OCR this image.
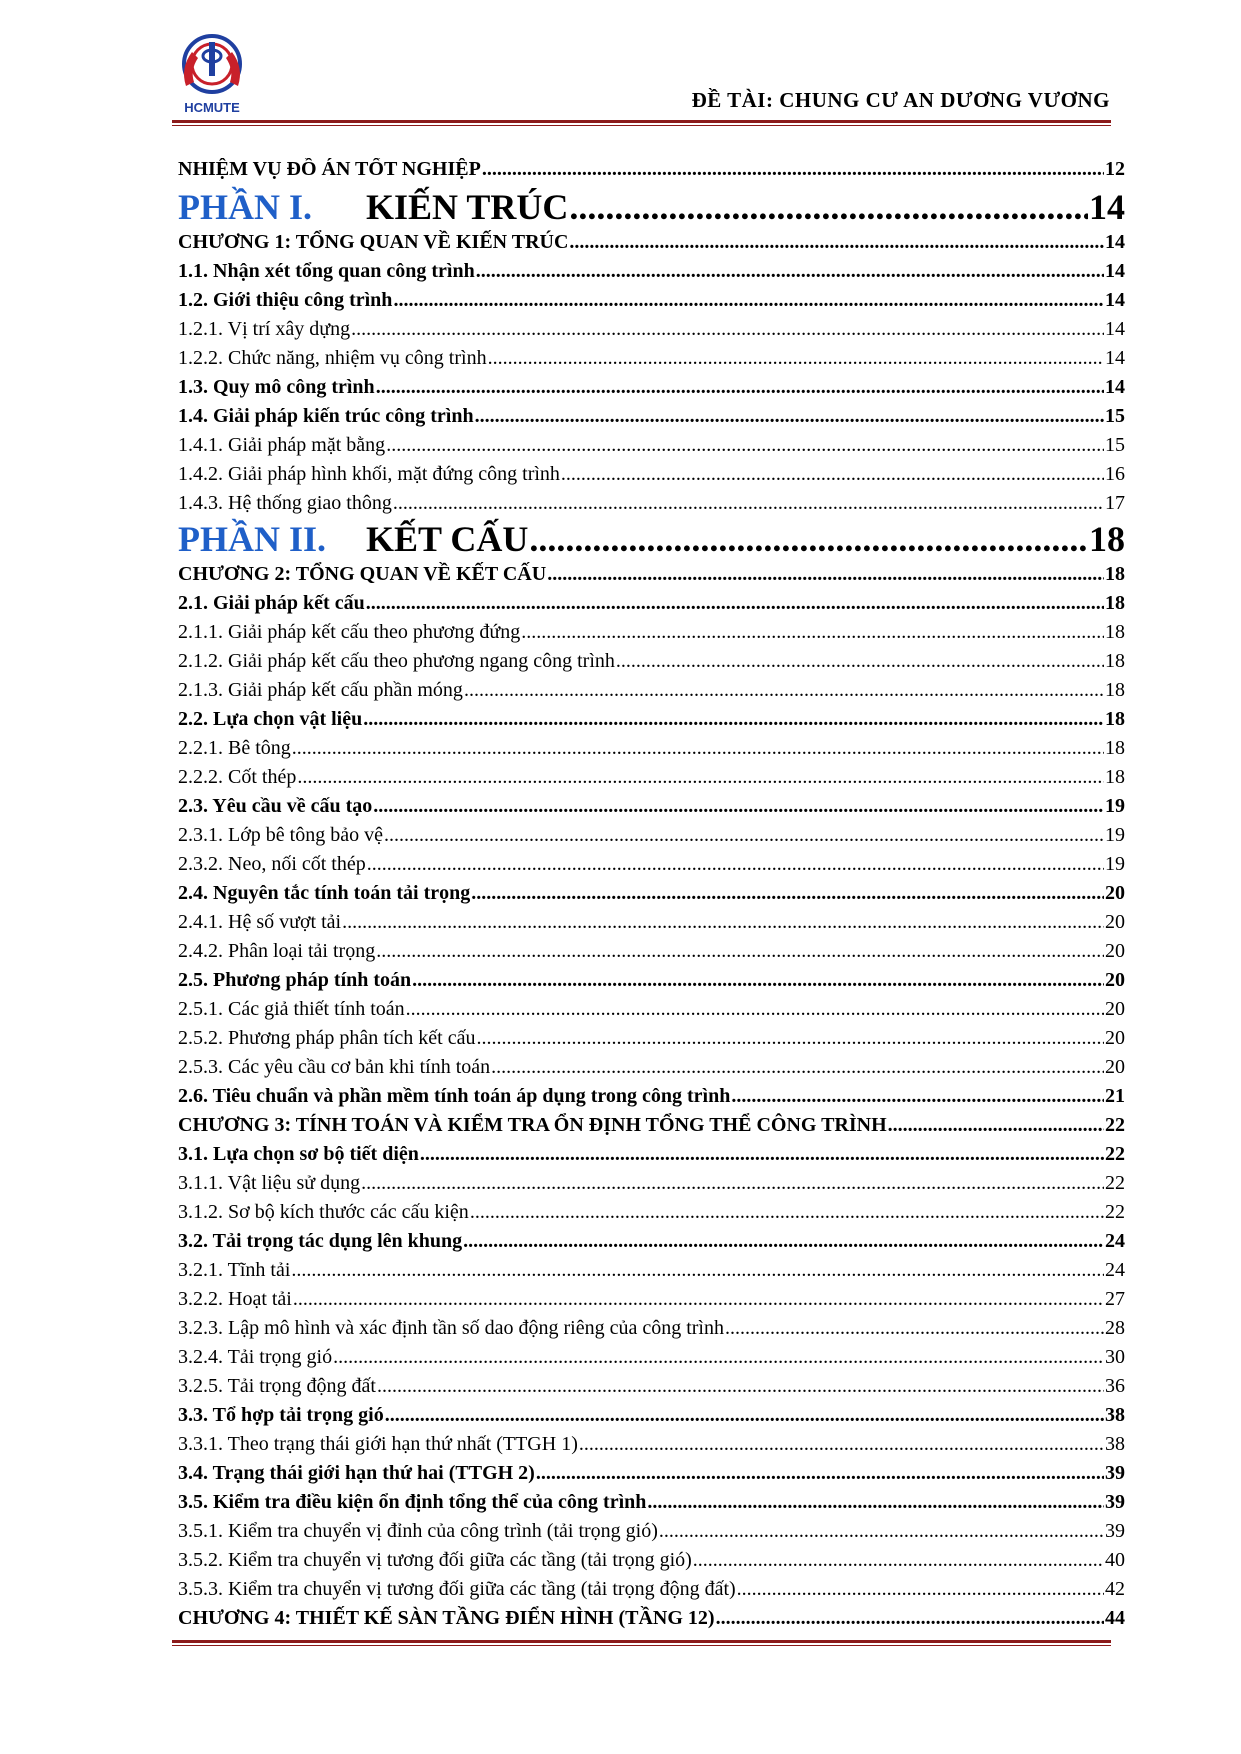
HCMUTE	ĐỀ TÀI: CHUNG CƯ AN DƯƠNG VƯƠNG
NHIỆM VỤ ĐỒ ÁN TỐT NGHIỆP .....	12
PHẦN I. KIẾN TRÚC .....	14
CHƯƠNG 1: TỔNG QUAN VỀ KIẾN TRÚC .....	14
1.1. Nhận xét tổng quan công trình .....	14
1.2. Giới thiệu công trình .....	14
1.2.1. Vị trí xây dựng .....	14
1.2.2. Chức năng, nhiệm vụ công trình .....	14
1.3. Quy mô công trình .....	14
1.4. Giải pháp kiến trúc công trình .....	15
1.4.1. Giải pháp mặt bằng .....	15
1.4.2. Giải pháp hình khối, mặt đứng công trình .....	16
1.4.3. Hệ thống giao thông .....	17
PHẦN II. KẾT CẤU .....	18
CHƯƠNG 2: TỔNG QUAN VỀ KẾT CẤU .....	18
2.1. Giải pháp kết cấu .....	18
2.1.1. Giải pháp kết cấu theo phương đứng .....	18
2.1.2. Giải pháp kết cấu theo phương ngang công trình .....	18
2.1.3. Giải pháp kết cấu phần móng .....	18
2.2. Lựa chọn vật liệu .....	18
2.2.1. Bê tông .....	18
2.2.2. Cốt thép .....	18
2.3. Yêu cầu về cấu tạo .....	19
2.3.1. Lớp bê tông bảo vệ .....	19
2.3.2. Neo, nối cốt thép .....	19
2.4. Nguyên tắc tính toán tải trọng .....	20
2.4.1. Hệ số vượt tải .....	20
2.4.2. Phân loại tải trọng .....	20
2.5. Phương pháp tính toán .....	20
2.5.1. Các giả thiết tính toán .....	20
2.5.2. Phương pháp phân tích kết cấu .....	20
2.5.3. Các yêu cầu cơ bản khi tính toán .....	20
2.6. Tiêu chuẩn và phần mềm tính toán áp dụng trong công trình .....	21
CHƯƠNG 3: TÍNH TOÁN VÀ KIỂM TRA ỔN ĐỊNH TỔNG THỂ CÔNG TRÌNH .....	22
3.1. Lựa chọn sơ bộ tiết diện .....	22
3.1.1. Vật liệu sử dụng .....	22
3.1.2. Sơ bộ kích thước các cấu kiện .....	22
3.2. Tải trọng tác dụng lên khung .....	24
3.2.1. Tĩnh tải .....	24
3.2.2. Hoạt tải .....	27
3.2.3. Lập mô hình và xác định tần số dao động riêng của công trình .....	28
3.2.4. Tải trọng gió .....	30
3.2.5. Tải trọng động đất .....	36
3.3. Tổ hợp tải trọng gió .....	38
3.3.1. Theo trạng thái giới hạn thứ nhất (TTGH 1) .....	38
3.4. Trạng thái giới hạn thứ hai (TTGH 2) .....	39
3.5. Kiểm tra điều kiện ổn định tổng thể của công trình .....	39
3.5.1. Kiểm tra chuyển vị đỉnh của công trình (tải trọng gió) .....	39
3.5.2. Kiểm tra chuyển vị tương đối giữa các tầng (tải trọng gió) .....	40
3.5.3. Kiểm tra chuyển vị tương đối giữa các tầng (tải trọng động đất) .....	42
CHƯƠNG 4: THIẾT KẾ SÀN TẦNG ĐIỂN HÌNH (TẦNG 12) .....	44
